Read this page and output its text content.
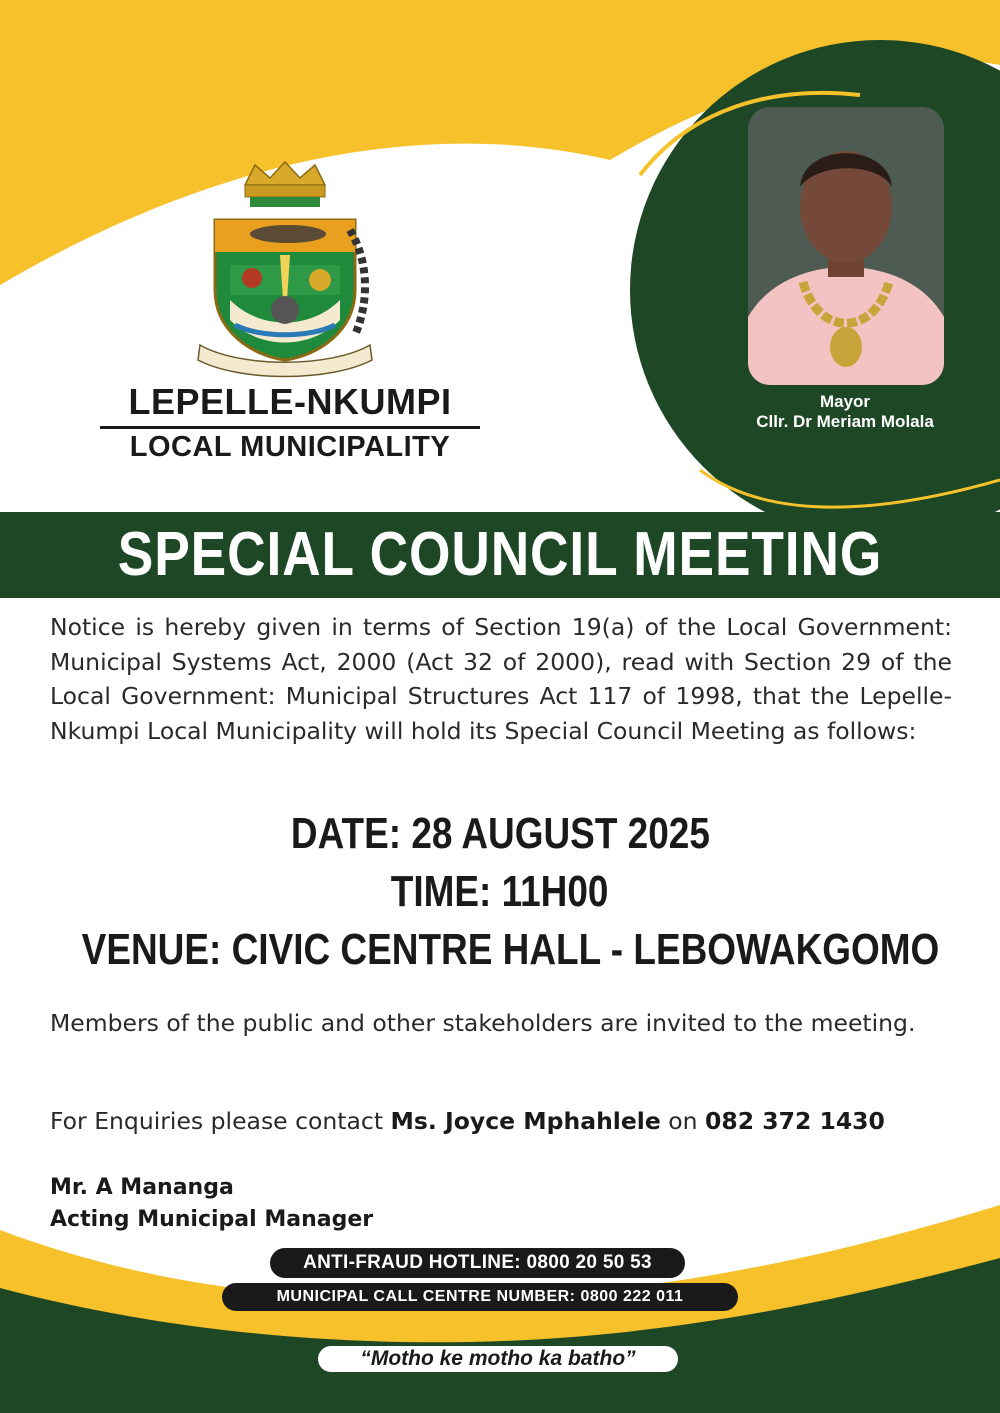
LEPELLE-NKUMPI
LOCAL MUNICIPALITY
Mayor
Cllr. Dr Meriam Molala
SPECIAL COUNCIL MEETING
Notice is hereby given in terms of Section 19(a) of the Local Government: Municipal Systems Act, 2000 (Act 32 of 2000), read with Section 29 of the Local Government: Municipal Structures Act 117 of 1998, that the Lepelle-Nkumpi Local Municipality will hold its Special Council Meeting as follows:
DATE: 28 AUGUST 2025
TIME: 11H00
VENUE: CIVIC CENTRE HALL - LEBOWAKGOMO
Members of the public and other stakeholders are invited to the meeting.
For Enquiries please contact Ms. Joyce Mphahlele on 082 372 1430
Mr. A Mananga
Acting Municipal Manager
ANTI-FRAUD HOTLINE: 0800 20 50 53
MUNICIPAL CALL CENTRE NUMBER: 0800 222 011
“Motho ke motho ka batho”
